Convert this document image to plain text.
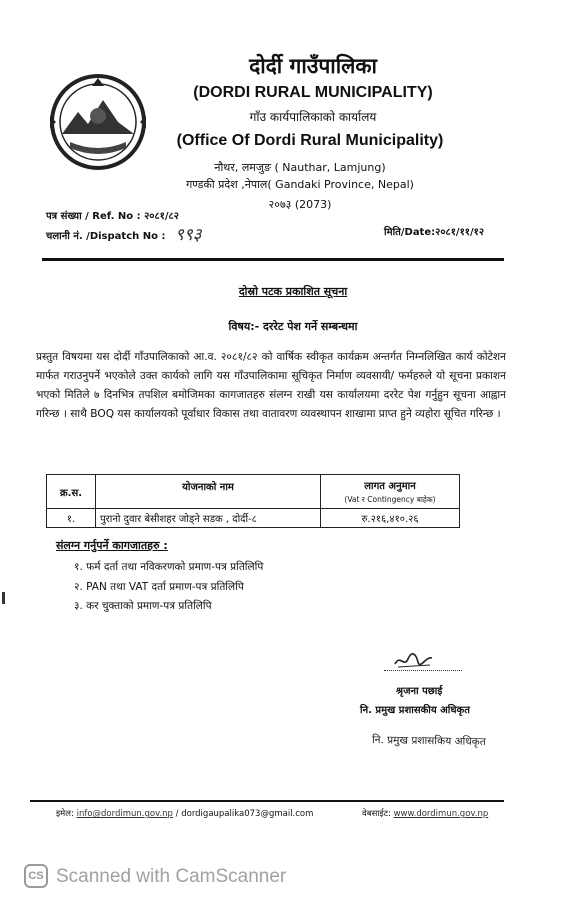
दोर्दी गाउँपालिका
(DORDI RURAL MUNICIPALITY)
गाँउ कार्यपालिकाको कार्यालय
(Office Of Dordi Rural Municipality)
नौथर, लमजुङ ( Nauthar, Lamjung)
गण्डकी प्रदेश ,नेपाल( Gandaki Province, Nepal)
२०७३ (2073)
पत्र संख्या / Ref. No : २०८१/८२
चलानी नं. /Dispatch No : ९९३	मिति/Date:२०८१/११/१२
दोस्रो पटक प्रकाशित सूचना
विषय:- दररेट पेश गर्ने सम्बन्धमा
प्रस्तुत विषयमा यस दोर्दी गाँउपालिकाको आ.व. २०८१/८२ को वार्षिक स्वीकृत कार्यक्रम अन्तर्गत निम्नलिखित कार्य कोटेशन मार्फत गराउनुपर्ने भएकोले उक्त कार्यको लागि यस गाँउपालिकामा सूचिकृत निर्माण व्यवसायी/ फर्महरुले यो सूचना प्रकाशन भएको मितिले ७ दिनभित्र तपशिल बमोजिमका कागजातहरु संलग्न राखी यस कार्यालयमा दररेट पेश गर्नुहुन सूचना आह्वान गरिन्छ । साथै BOQ यस कार्यालयको पूर्वाधार विकास तथा वातावरण व्यवस्थापन शाखामा प्राप्त हुने व्यहोरा सूचित गरिन्छ ।
क्र.स.	योजनाको नाम	लागत अनुमान
(Vat र Contingency बाहेक)

१.	पुरानो दुवार बेसीशहर जोड्ने सडक , दोर्दी-८	रु.२१६,४१०.२६
संलग्न गर्नुपर्ने कागजातहरु :
१. फर्म दर्ता तथा नविकरणको प्रमाण-पत्र प्रतिलिपि
२. PAN तथा VAT दर्ता प्रमाण-पत्र प्रतिलिपि
३. कर चुक्ताको प्रमाण-पत्र प्रतिलिपि
श्रृजना पछाई
नि. प्रमुख प्रशासकीय अधिकृत
नि. प्रमुख प्रशासकिय अधिकृत
इमेल: info@dordimun.gov.np / dordigaupalika073@gmail.com	वेबसाईट: www.dordimun.gov.np
CS Scanned with CamScanner
